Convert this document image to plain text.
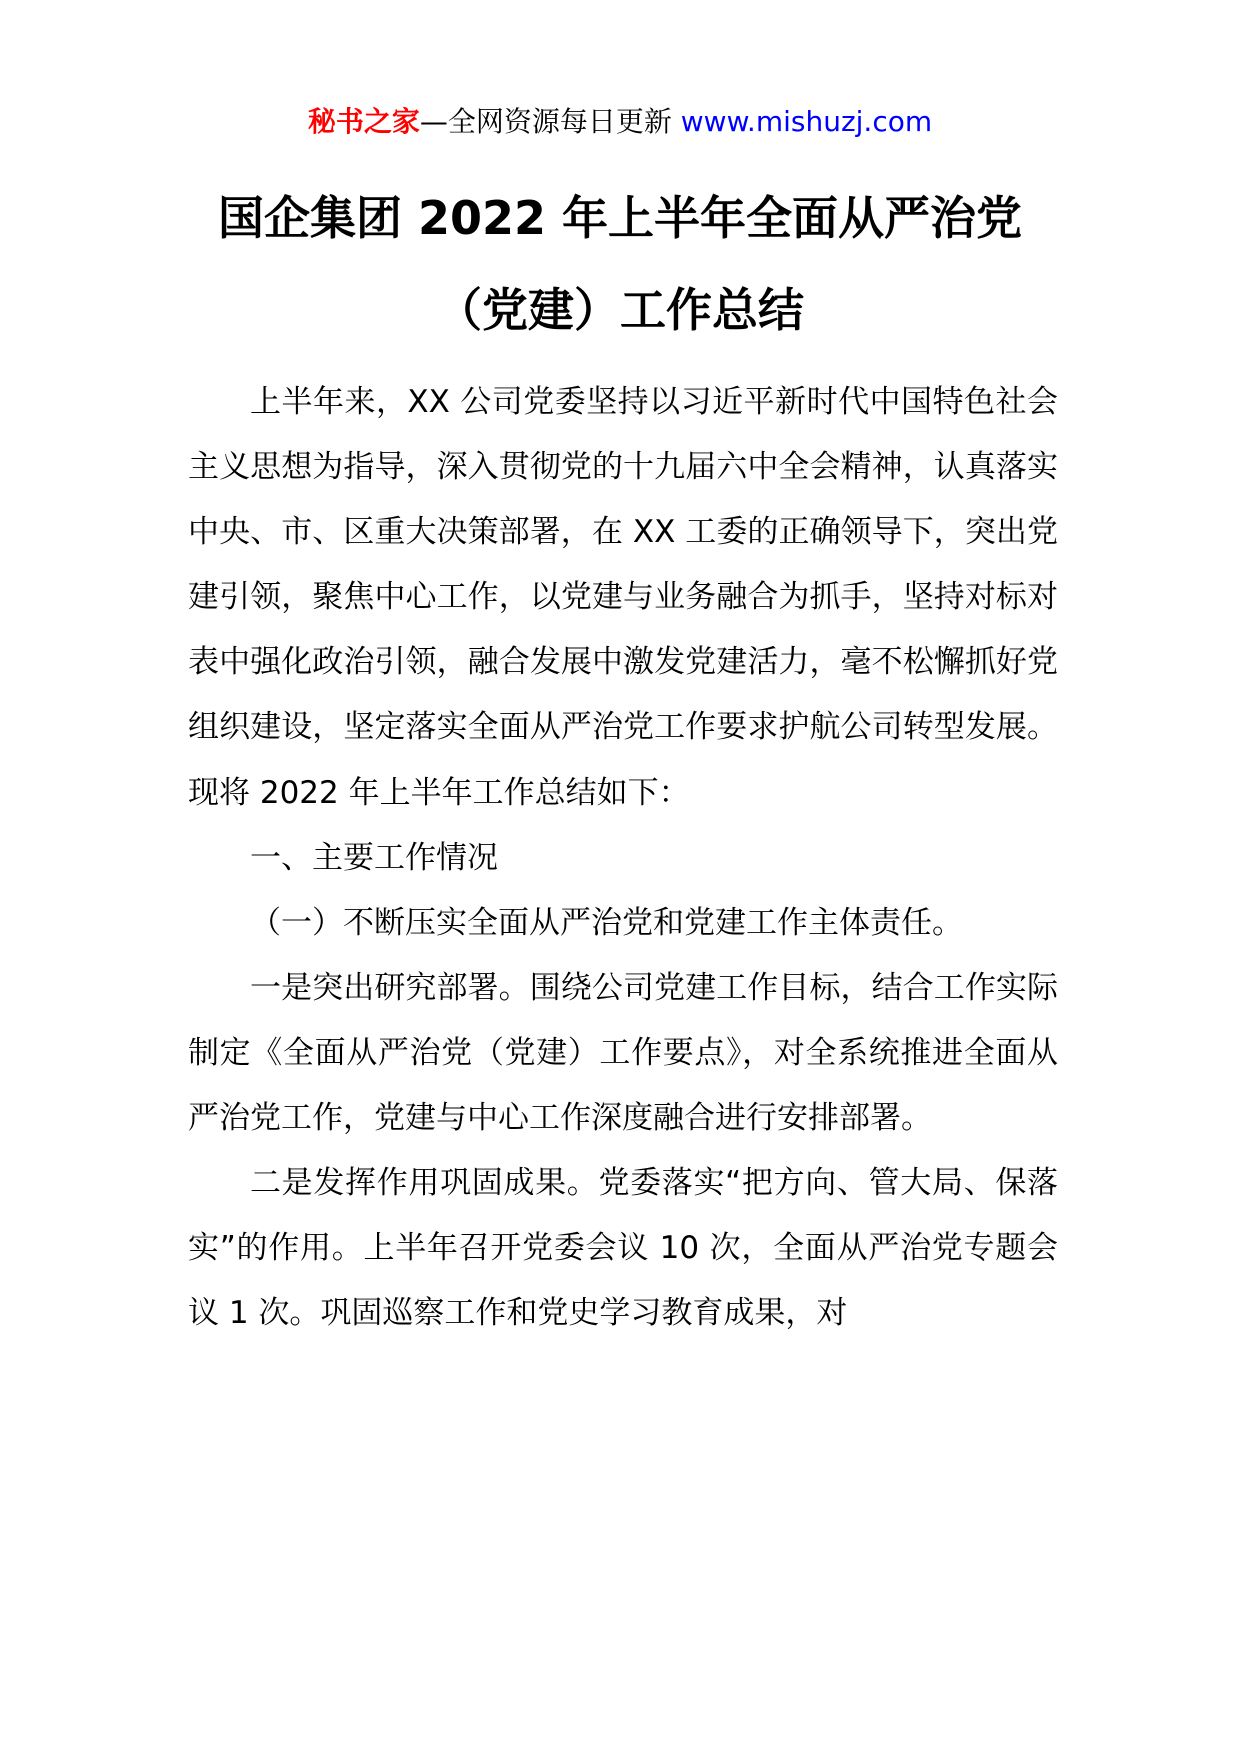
秘书之家—全网资源每日更新 www.mishuzj.com
国企集团 2022 年上半年全面从严治党
（党建）工作总结

上半年来，XX 公司党委坚持以习近平新时代中国特色社会主义思想为指导，深入贯彻党的十九届六中全会精神，认真落实中央、市、区重大决策部署，在 XX 工委的正确领导下，突出党建引领，聚焦中心工作，以党建与业务融合为抓手，坚持对标对表中强化政治引领，融合发展中激发党建活力，毫不松懈抓好党组织建设，坚定落实全面从严治党工作要求护航公司转型发展。现将 2022 年上半年工作总结如下：

一、主要工作情况

（一）不断压实全面从严治党和党建工作主体责任。

一是突出研究部署。围绕公司党建工作目标，结合工作实际制定《全面从严治党（党建）工作要点》，对全系统推进全面从严治党工作，党建与中心工作深度融合进行安排部署。

二是发挥作用巩固成果。党委落实“把方向、管大局、保落实”的作用。上半年召开党委会议 10 次，全面从严治党专题会议 1 次。巩固巡察工作和党史学习教育成果，对
